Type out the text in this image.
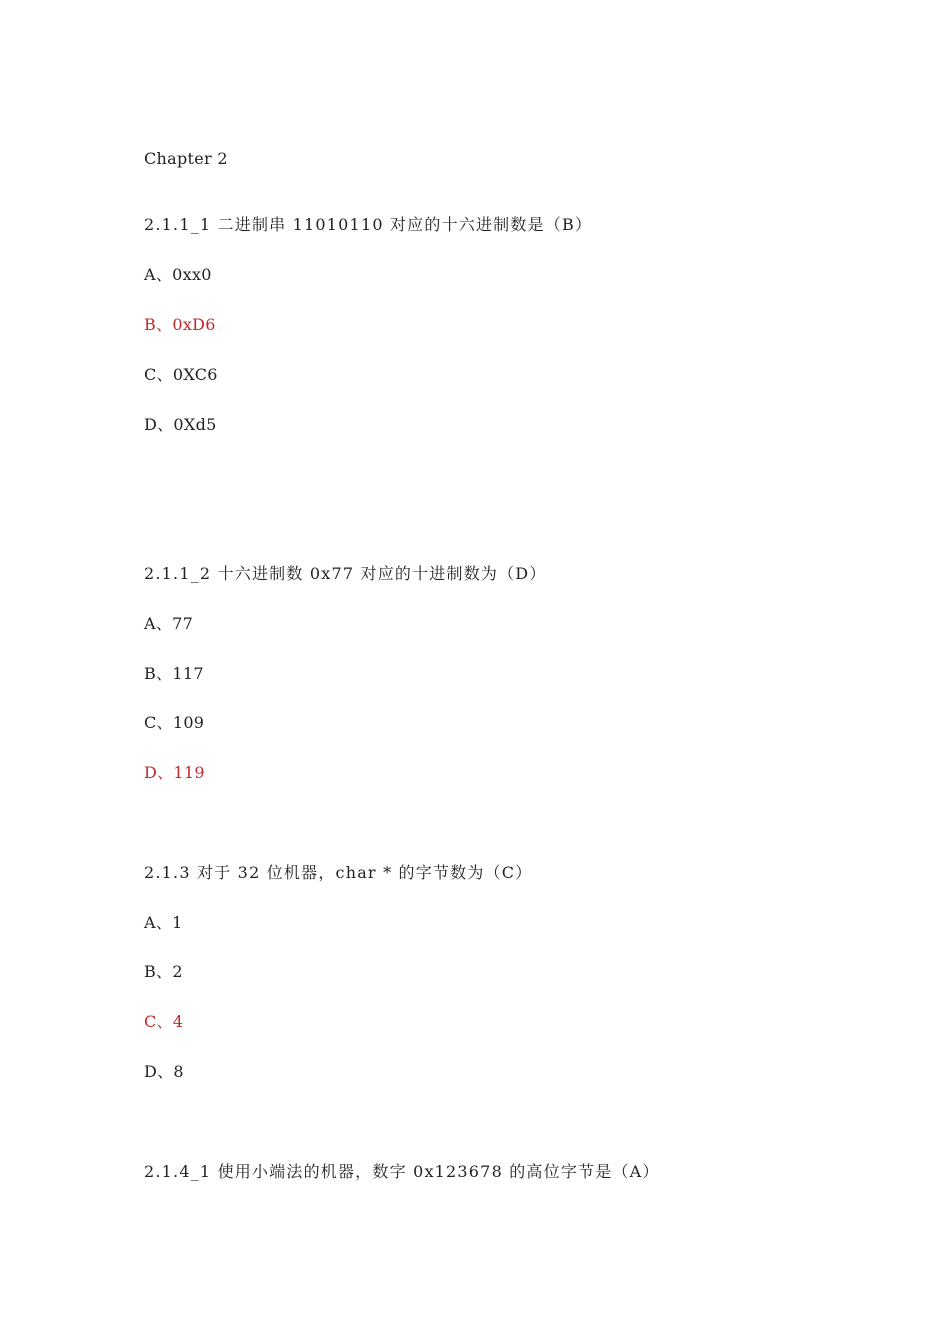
Chapter 2
2.1.1_1 二进制串 11010110 对应的十六进制数是（B）
A、0xx0
B、0xD6
C、0XC6
D、0Xd5
2.1.1_2 十六进制数 0x77 对应的十进制数为（D）
A、77
B、117
C、109
D、119
2.1.3 对于 32 位机器，char * 的字节数为（C）
A、1
B、2
C、4
D、8
2.1.4_1 使用小端法的机器，数字 0x123678 的高位字节是（A）
